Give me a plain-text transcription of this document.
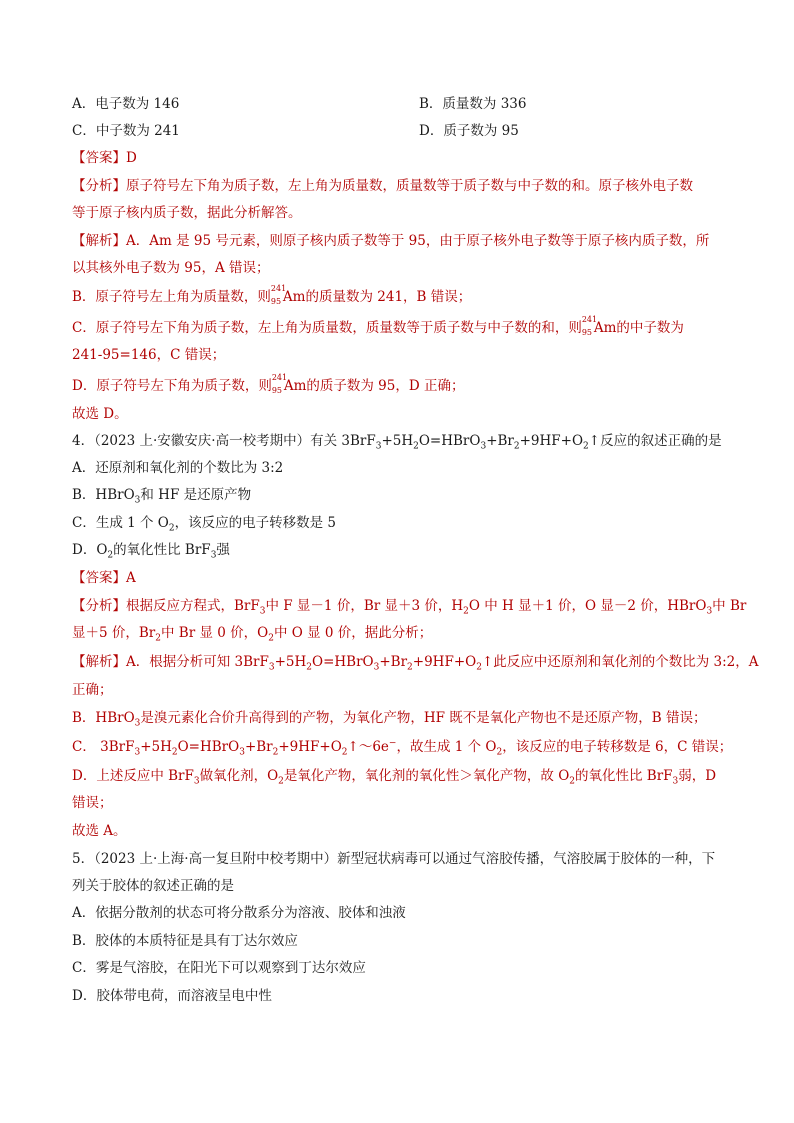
A．电子数为 146	B．质量数为 336
C．中子数为 241	D．质子数为 95
【答案】D
【分析】原子符号左下角为质子数，左上角为质量数，质量数等于质子数与中子数的和。原子核外电子数
等于原子核内质子数，据此分析解答。
【解析】A．Am 是 95 号元素，则原子核内质子数等于 95，由于原子核外电子数等于原子核内质子数，所
以其核外电子数为 95，A 错误；
B．原子符号左上角为质量数，则
241
95 Am的质量数为 241，B 错误；
C．原子符号左下角为质子数，左上角为质量数，质量数等于质子数与中子数的和，则
241
95 Am的中子数为
241-95=146，C 错误；
D．原子符号左下角为质子数，则
241
95 Am的质子数为 95，D 正确；
故选 D。
4．（2023 上·安徽安庆·高一校考期中）有关 $3BrF_3+5H_2O=HBrO_3+Br_2+9HF+O_2↑$反应的叙述正确的是
A．还原剂和氧化剂的个数比为 3:2
B．HBrO$_3$和 HF 是还原产物
C．生成 1 个 $O_2$，该反应的电子转移数是 5
D．$O_2$的氧化性比 BrF$_3$强
【答案】A
【分析】根据反应方程式，BrF$_3$中 F 显－1 价，Br 显＋3 价，$H_2O$ 中 H 显＋1 价，O 显－2 价，HBrO$_3$中 Br
显＋5 价，$Br_2$中 Br 显 0 价，$O_2$中 O 显 0 价，据此分析；
【解析】A．根据分析可知 $3BrF_3+5H_2O=HBrO_3+Br_2+9HF+O_2↑$此反应中还原剂和氧化剂的个数比为 3:2，A
正确；
B．HBrO$_3$是溴元素化合价升高得到的产物，为氧化产物，HF 既不是氧化产物也不是还原产物，B 错误；
C． $3BrF_3+5H_2O=HBrO_3+Br_2+9HF+O_2↑\sim 6e^-$，故生成 1 个 $O_2$，该反应的电子转移数是 6，C 错误；
D．上述反应中 BrF$_3$做氧化剂，$O_2$是氧化产物，氧化剂的氧化性＞氧化产物，故 $O_2$的氧化性比 BrF$_3$弱，D
错误；
故选 A。
5．（2023 上·上海·高一复旦附中校考期中）新型冠状病毒可以通过气溶胶传播，气溶胶属于胶体的一种，下
列关于胶体的叙述正确的是
A．依据分散剂的状态可将分散系分为溶液、胶体和浊液
B．胶体的本质特征是具有丁达尔效应
C．雾是气溶胶，在阳光下可以观察到丁达尔效应
D．胶体带电荷，而溶液呈电中性
